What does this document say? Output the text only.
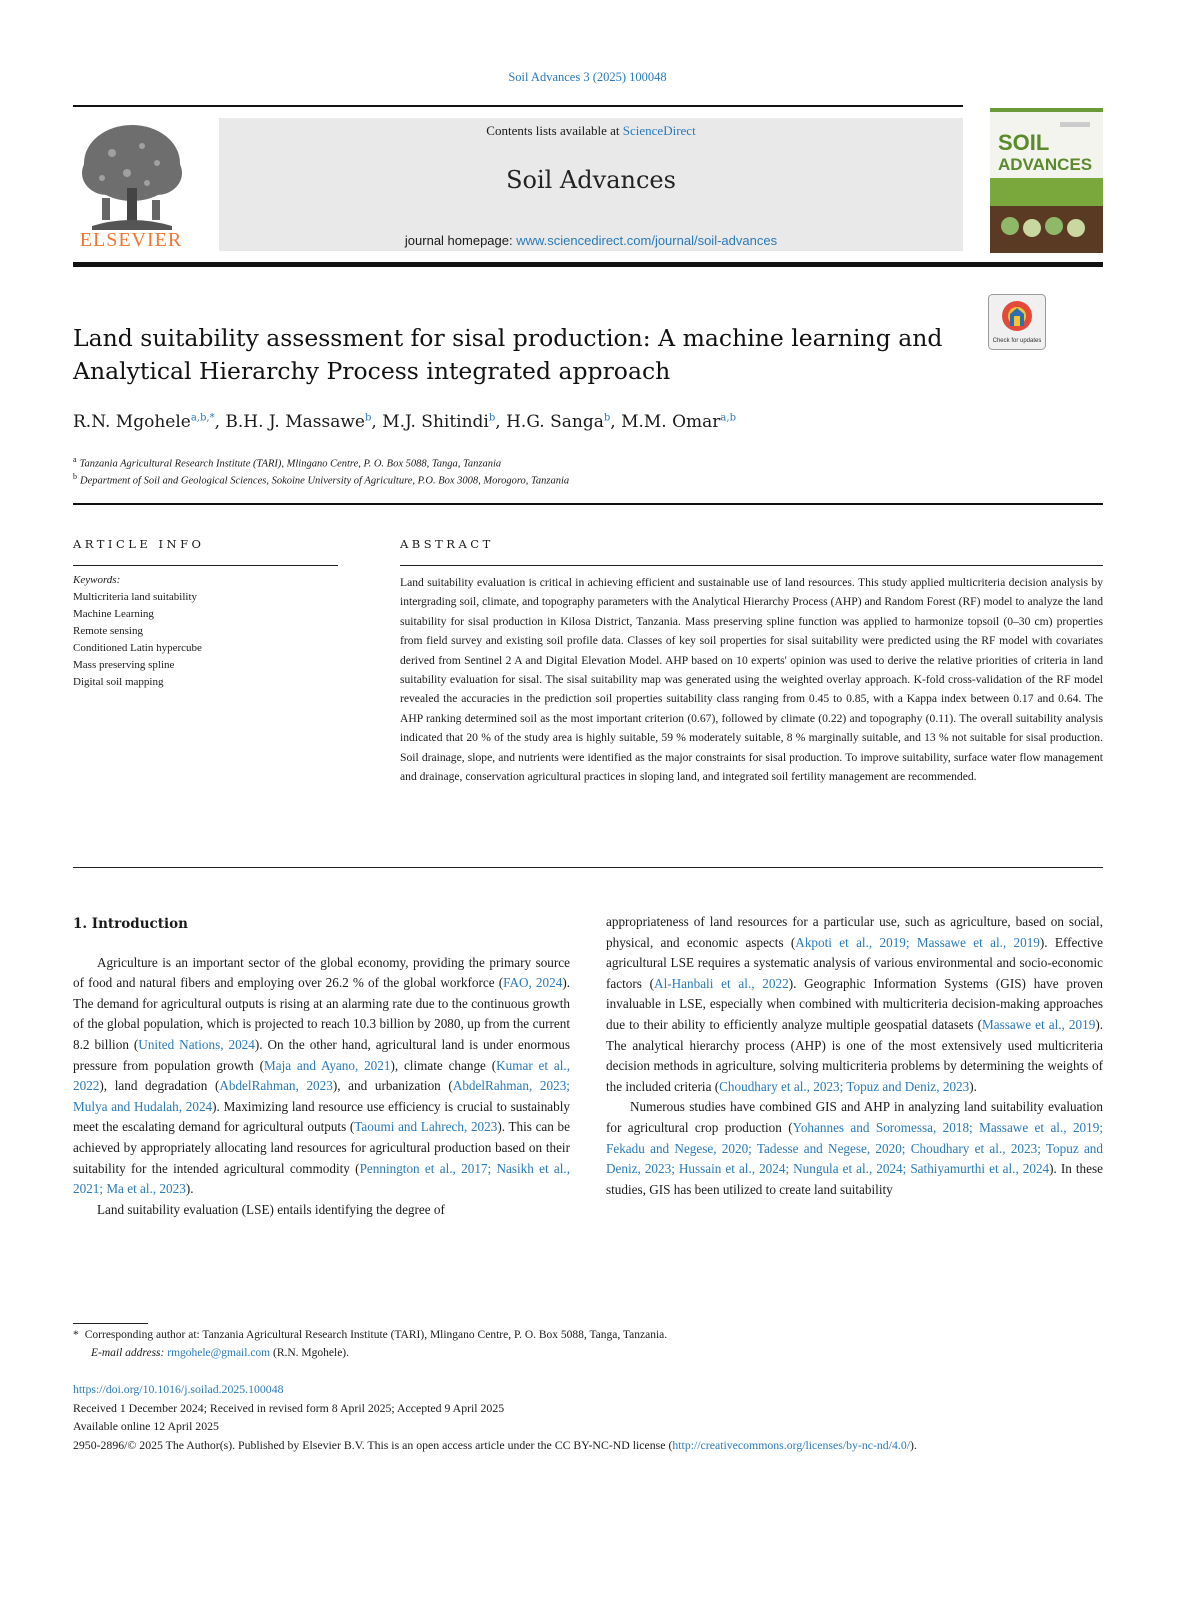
Soil Advances 3 (2025) 100048
ELSEVIER
Contents lists available at ScienceDirect
Soil Advances
journal homepage: www.sciencedirect.com/journal/soil-advances
SOIL
ADVANCES
Land suitability assessment for sisal production: A machine learning and Analytical Hierarchy Process integrated approach
Check for updates
R.N. Mgohele$^{a,b,*}$, B.H. J. Massawe$^b$, M.J. Shitindi$^b$, H.G. Sanga$^b$, M.M. Omar$^{a,b}$
$^a$ Tanzania Agricultural Research Institute (TARI), Mlingano Centre, P. O. Box 5088, Tanga, Tanzania
$^b$ Department of Soil and Geological Sciences, Sokoine University of Agriculture, P.O. Box 3008, Morogoro, Tanzania
ARTICLE INFO
Keywords:
Multicriteria land suitability
Machine Learning
Remote sensing
Conditioned Latin hypercube
Mass preserving spline
Digital soil mapping
ABSTRACT
Land suitability evaluation is critical in achieving efficient and sustainable use of land resources. This study applied multicriteria decision analysis by intergrading soil, climate, and topography parameters with the Analytical Hierarchy Process (AHP) and Random Forest (RF) model to analyze the land suitability for sisal production in Kilosa District, Tanzania. Mass preserving spline function was applied to harmonize topsoil (0–30 cm) properties from field survey and existing soil profile data. Classes of key soil properties for sisal suitability were predicted using the RF model with covariates derived from Sentinel 2 A and Digital Elevation Model. AHP based on 10 experts' opinion was used to derive the relative priorities of criteria in land suitability evaluation for sisal. The sisal suitability map was generated using the weighted overlay approach. K-fold cross-validation of the RF model revealed the accuracies in the prediction soil properties suitability class ranging from 0.45 to 0.85, with a Kappa index between 0.17 and 0.64. The AHP ranking determined soil as the most important criterion (0.67), followed by climate (0.22) and topography (0.11). The overall suitability analysis indicated that 20 % of the study area is highly suitable, 59 % moderately suitable, 8 % marginally suitable, and 13 % not suitable for sisal production. Soil drainage, slope, and nutrients were identified as the major constraints for sisal production. To improve suitability, surface water flow management and drainage, conservation agricultural practices in sloping land, and integrated soil fertility management are recommended.
1. Introduction

Agriculture is an important sector of the global economy, providing the primary source of food and natural fibers and employing over 26.2 % of the global workforce (FAO, 2024). The demand for agricultural outputs is rising at an alarming rate due to the continuous growth of the global population, which is projected to reach 10.3 billion by 2080, up from the current 8.2 billion (United Nations, 2024). On the other hand, agricultural land is under enormous pressure from population growth (Maja and Ayano, 2021), climate change (Kumar et al., 2022), land degradation (AbdelRahman, 2023), and urbanization (AbdelRahman, 2023; Mulya and Hudalah, 2024). Maximizing land resource use efficiency is crucial to sustainably meet the escalating demand for agricultural outputs (Taoumi and Lahrech, 2023). This can be achieved by appropriately allocating land resources for agricultural production based on their suitability for the intended agricultural commodity (Pennington et al., 2017; Nasikh et al., 2021; Ma et al., 2023).

Land suitability evaluation (LSE) entails identifying the degree of

appropriateness of land resources for a particular use, such as agriculture, based on social, physical, and economic aspects (Akpoti et al., 2019; Massawe et al., 2019). Effective agricultural LSE requires a systematic analysis of various environmental and socio-economic factors (Al-Hanbali et al., 2022). Geographic Information Systems (GIS) have proven invaluable in LSE, especially when combined with multicriteria decision-making approaches due to their ability to efficiently analyze multiple geospatial datasets (Massawe et al., 2019). The analytical hierarchy process (AHP) is one of the most extensively used multicriteria decision methods in agriculture, solving multicriteria problems by determining the weights of the included criteria (Choudhary et al., 2023; Topuz and Deniz, 2023).

Numerous studies have combined GIS and AHP in analyzing land suitability evaluation for agricultural crop production (Yohannes and Soromessa, 2018; Massawe et al., 2019; Fekadu and Negese, 2020; Tadesse and Negese, 2020; Choudhary et al., 2023; Topuz and Deniz, 2023; Hussain et al., 2024; Nungula et al., 2024; Sathiyamurthi et al., 2024). In these studies, GIS has been utilized to create land suitability

* Corresponding author at: Tanzania Agricultural Research Institute (TARI), Mlingano Centre, P. O. Box 5088, Tanga, Tanzania.
E-mail address: rmgohele@gmail.com (R.N. Mgohele).
https://doi.org/10.1016/j.soilad.2025.100048
Received 1 December 2024; Received in revised form 8 April 2025; Accepted 9 April 2025
Available online 12 April 2025
2950-2896/© 2025 The Author(s). Published by Elsevier B.V. This is an open access article under the CC BY-NC-ND license (http://creativecommons.org/licenses/by-nc-nd/4.0/).
